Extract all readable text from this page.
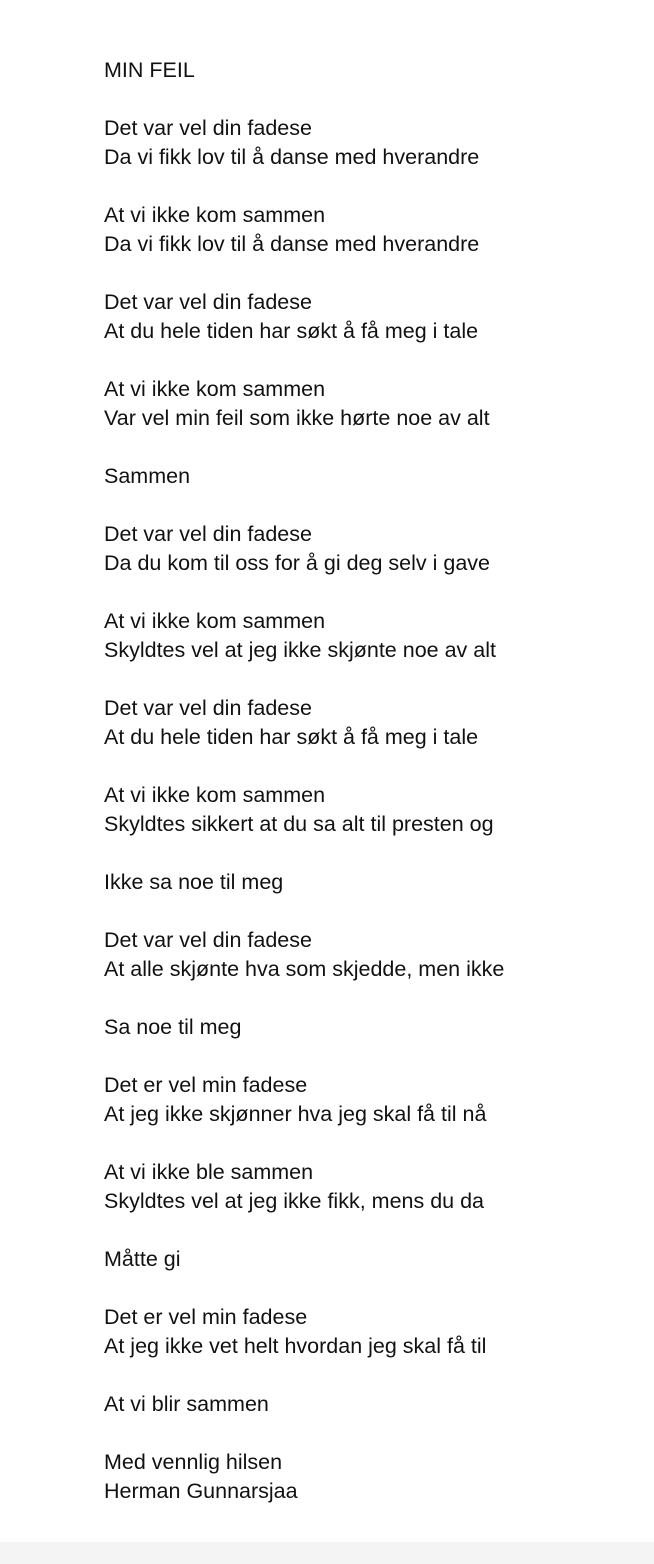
MIN FEIL
Det var vel din fadese
Da vi fikk lov til å danse med hverandre
At vi ikke kom sammen
Da vi fikk lov til å danse med hverandre
Det var vel din fadese
At du hele tiden har søkt å få meg i tale
At vi ikke kom sammen
Var vel min feil som ikke hørte noe av alt
Sammen
Det var vel din fadese
Da du kom til oss for å gi deg selv i gave
At vi ikke kom sammen
Skyldtes vel at jeg ikke skjønte noe av alt
Det var vel din fadese
At du hele tiden har søkt å få meg i tale
At vi ikke kom sammen
Skyldtes sikkert at du sa alt til presten og
Ikke sa noe til meg
Det var vel din fadese
At alle skjønte hva som skjedde, men ikke
Sa noe til meg
Det er vel min fadese
At jeg ikke skjønner hva jeg skal få til nå
At vi ikke ble sammen
Skyldtes vel at jeg ikke fikk, mens du da
Måtte gi
Det er vel min fadese
At jeg ikke vet helt hvordan jeg skal få til
At vi blir sammen
Med vennlig hilsen
Herman Gunnarsjaa
